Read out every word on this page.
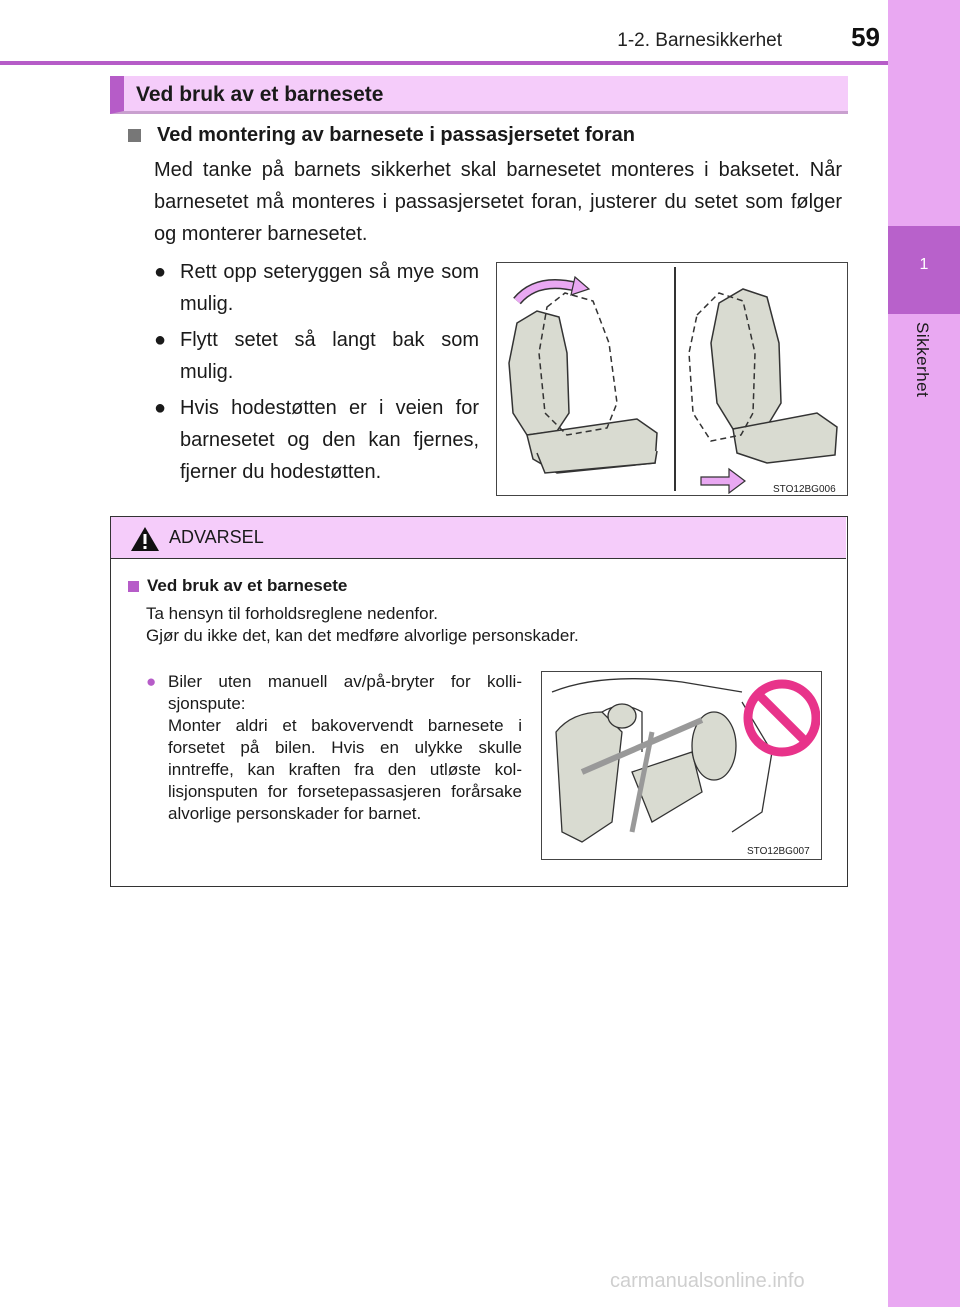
1-2. Barnesikkerhet	59
1
Sikkerhet
Ved bruk av et barnesete
Ved montering av barnesete i passasjersetet foran

Med tanke på barnets sikkerhet skal barnesetet monteres i baksetet. Når barnesetet må monteres i passasjersetet foran, justerer du setet som følger og monterer barnesetet.

● Rett opp seteryggen så mye som mulig.
● Flytt setet så langt bak som mulig.
● Hvis hodestøtten er i veien for barnesetet og den kan fjernes, fjerner du hodestøtten.
STO12BG006
ADVARSEL
Ved bruk av et barnesete
Ta hensyn til forholdsreglene nedenfor.
Gjør du ikke det, kan det medføre alvorlige personskader.
● Biler uten manuell av/på-bryter for kollisjonspute:
Monter aldri et bakovervendt barnesete i forsetet på bilen. Hvis en ulykke skulle inntreffe, kan kraften fra den utløste kollisjonsputen for forsetepassasjeren forårsake alvorlige personskader for barnet.
STO12BG007
carmanualsonline.info
